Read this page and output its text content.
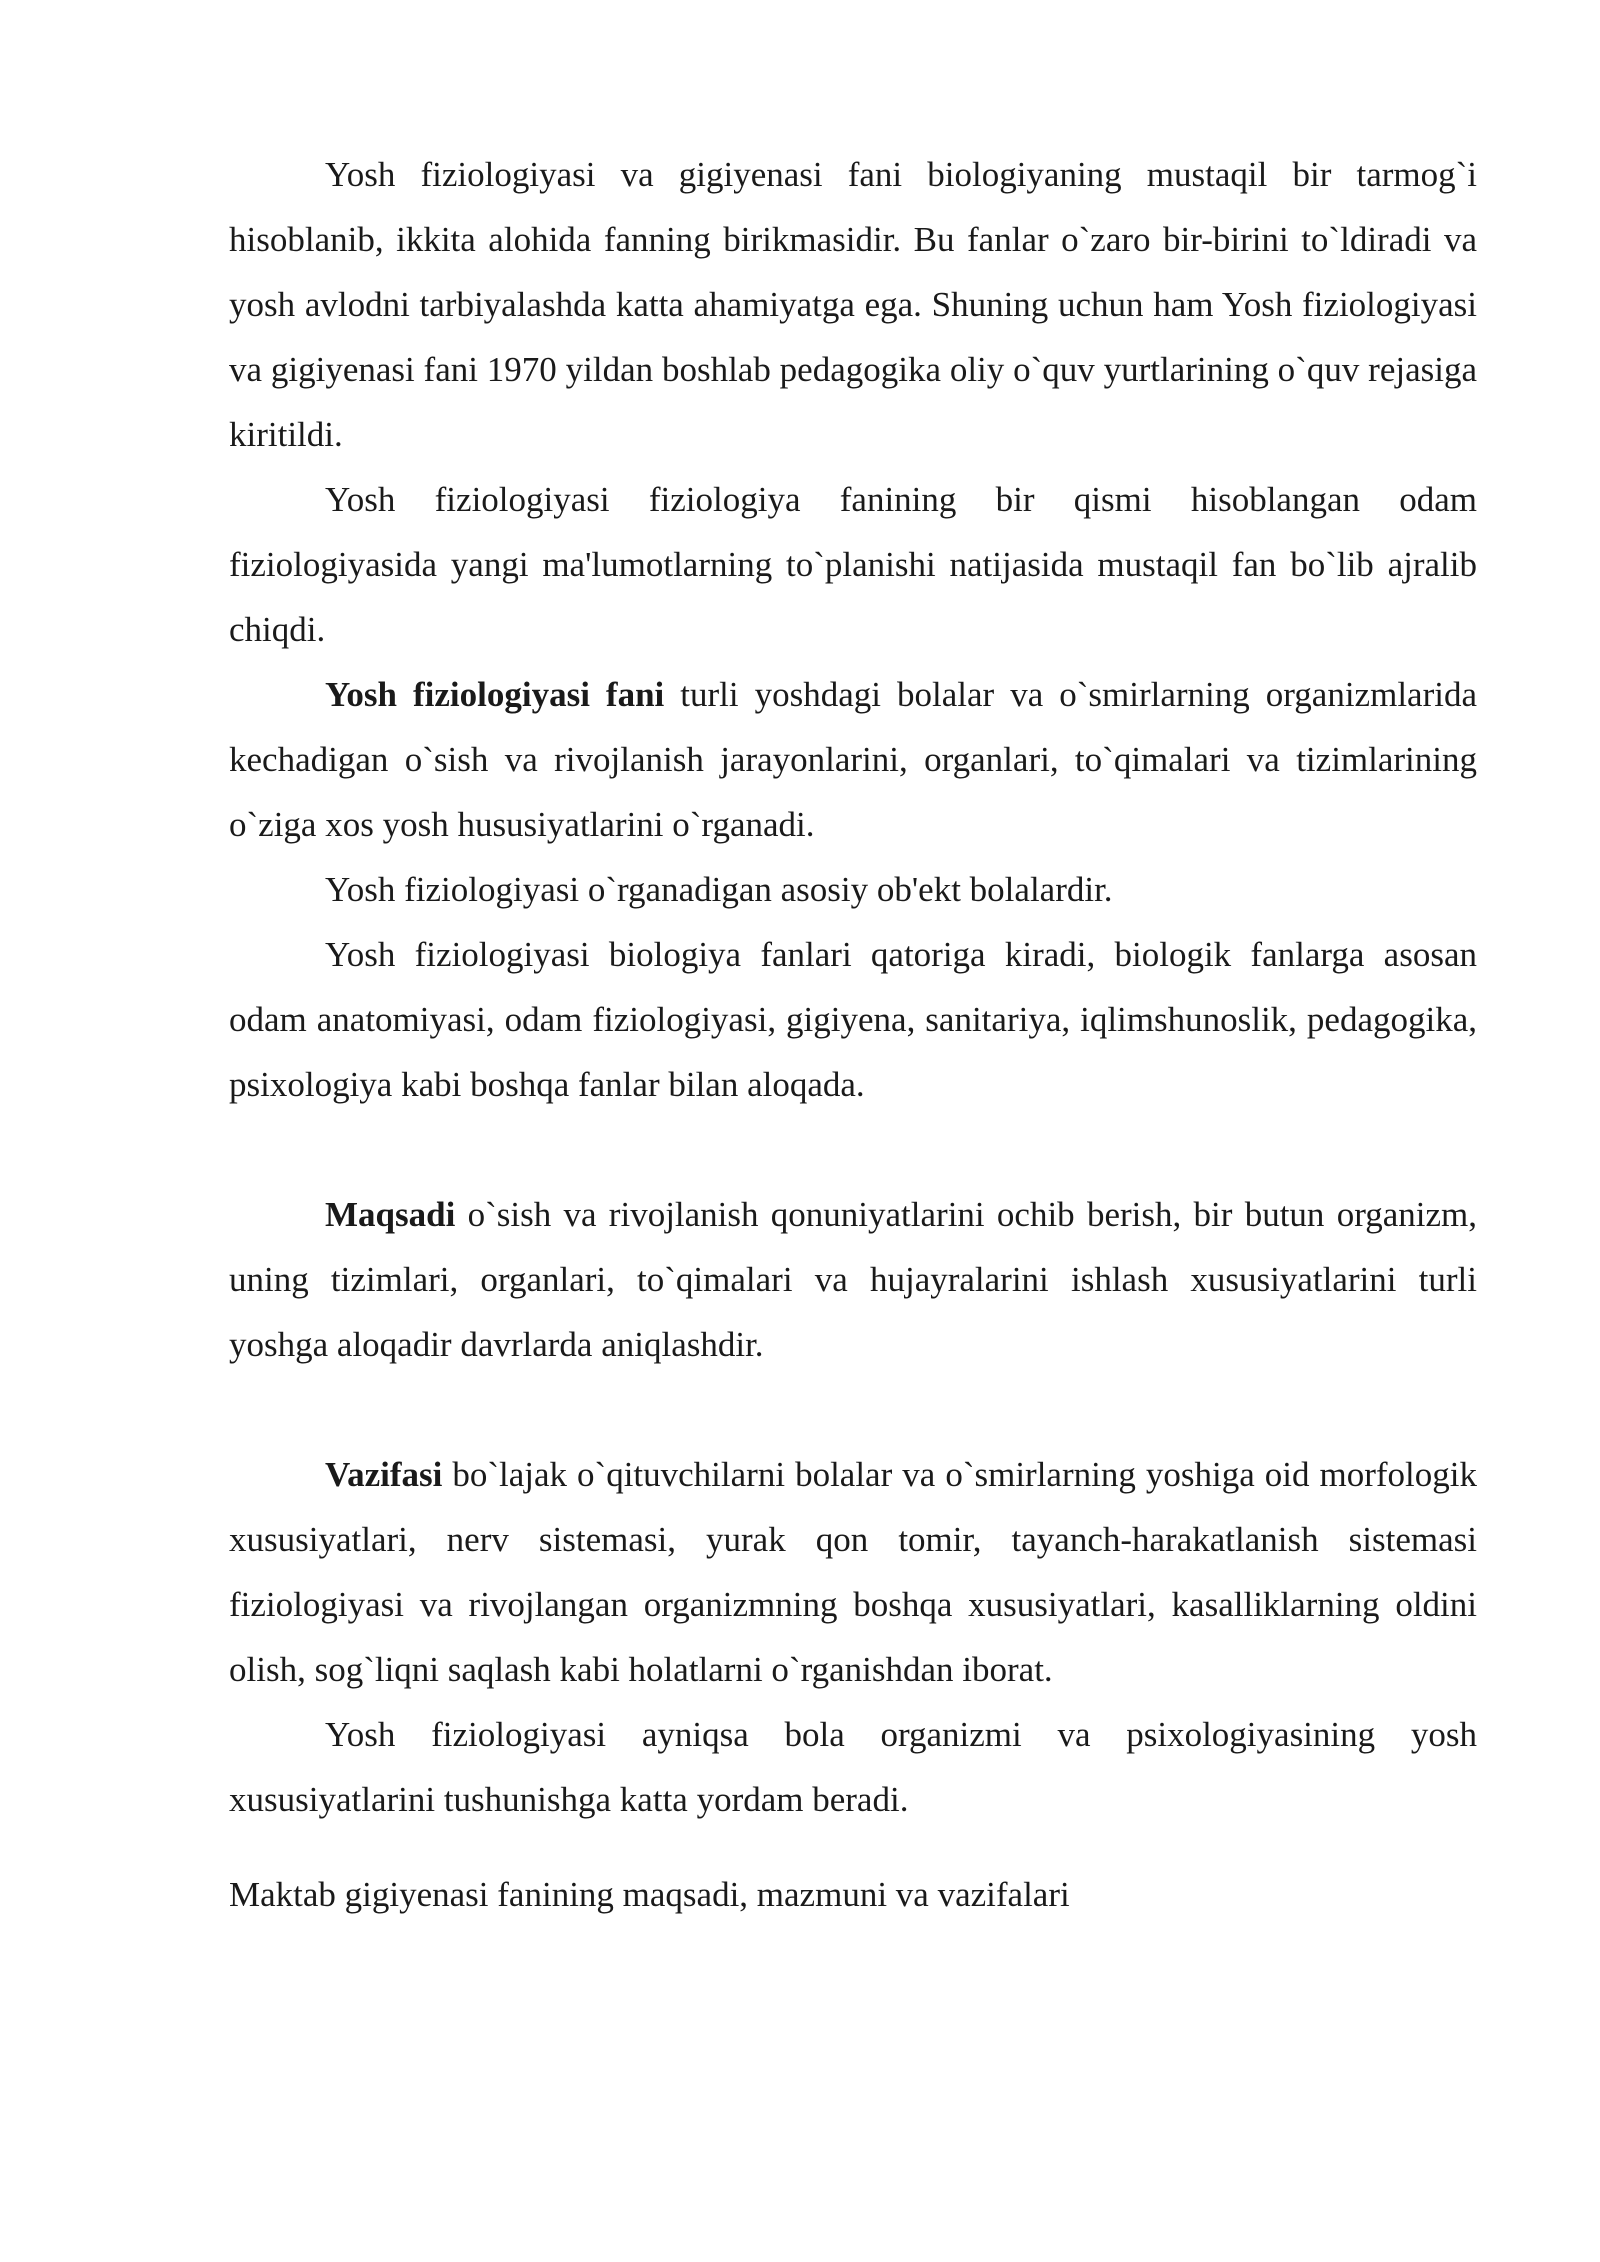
Yosh fiziologiyasi va gigiyenasi fani biologiyaning mustaqil bir tarmog`i hisoblanib, ikkita alohida fanning birikmasidir. Bu fanlar o`zaro bir-birini to`ldiradi va yosh avlodni tarbiyalashda katta ahamiyatga ega. Shuning uchun ham Yosh fiziologiyasi va gigiyenasi fani 1970 yildan boshlab pedagogika oliy o`quv yurtlarining o`quv rejasiga kiritildi.

Yosh fiziologiyasi fiziologiya fanining bir qismi hisoblangan odam fiziologiyasida yangi ma'lumotlarning to`planishi natijasida mustaqil fan bo`lib ajralib chiqdi.

Yosh fiziologiyasi fani turli yoshdagi bolalar va o`smirlarning organizmlarida kechadigan o`sish va rivojlanish jarayonlarini, organlari, to`qimalari va tizimlarining o`ziga xos yosh hususiyatlarini o`rganadi.

Yosh fiziologiyasi o`rganadigan asosiy ob'ekt bolalardir.

Yosh fiziologiyasi biologiya fanlari qatoriga kiradi, biologik fanlarga asosan odam anatomiyasi, odam fiziologiyasi, gigiyena, sanitariya, iqlimshunoslik, pedagogika, psixologiya kabi boshqa fanlar bilan aloqada.

Maqsadi o`sish va rivojlanish qonuniyatlarini ochib berish, bir butun organizm, uning tizimlari, organlari, to`qimalari va hujayralarini ishlash xususiyatlarini turli yoshga aloqadir davrlarda aniqlashdir.

Vazifasi bo`lajak o`qituvchilarni bolalar va o`smirlarning yoshiga oid morfologik xususiyatlari, nerv sistemasi, yurak qon tomir, tayanch-harakatlanish sistemasi fiziologiyasi va rivojlangan organizmning boshqa xususiyatlari, kasalliklarning oldini olish, sog`liqni saqlash kabi holatlarni o`rganishdan iborat.

Yosh fiziologiyasi ayniqsa bola organizmi va psixologiyasining yosh xususiyatlarini tushunishga katta yordam beradi.

Maktab gigiyenasi fanining maqsadi, mazmuni va vazifalari
